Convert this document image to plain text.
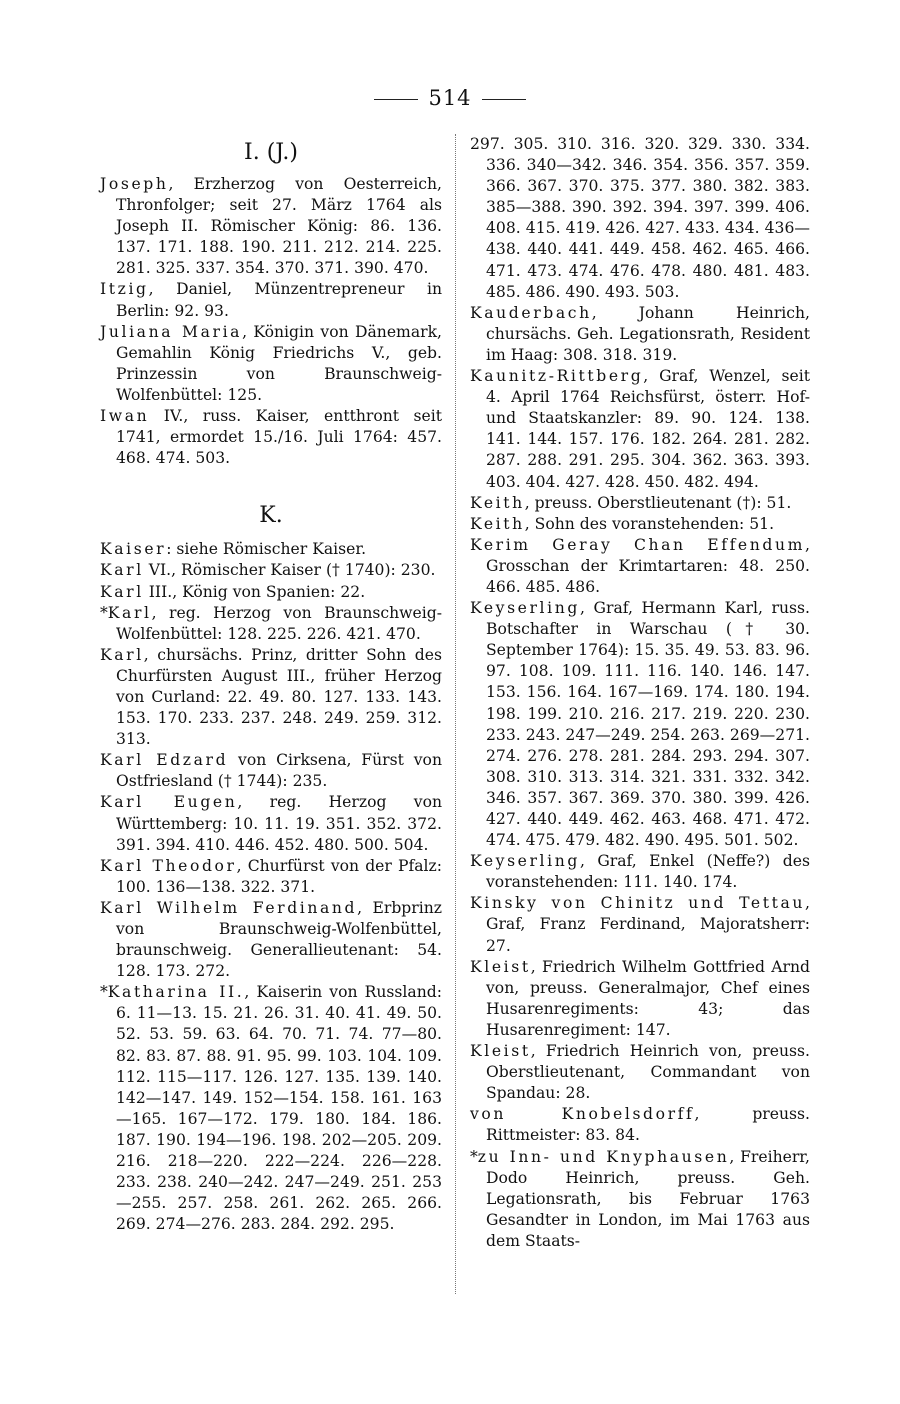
514
I. (J.)

Joseph, Erzherzog von Oesterreich, Thronfolger; seit 27. März 1764 als Joseph II. Römischer König: 86. 136. 137. 171. 188. 190. 211. 212. 214. 225. 281. 325. 337. 354. 370. 371. 390. 470.

Itzig, Daniel, Münzentrepreneur in Berlin: 92. 93.

Juliana Maria, Königin von Dänemark, Gemahlin König Friedrichs V., geb. Prinzessin von Braunschweig-Wolfenbüttel: 125.

Iwan IV., russ. Kaiser, entthront seit 1741, ermordet 15./16. Juli 1764: 457. 468. 474. 503.

K.

Kaiser: siehe Römischer Kaiser.

Karl VI., Römischer Kaiser († 1740): 230.

Karl III., König von Spanien: 22.

*Karl, reg. Herzog von Braunschweig-Wolfenbüttel: 128. 225. 226. 421. 470.

Karl, chursächs. Prinz, dritter Sohn des Churfürsten August III., früher Herzog von Curland: 22. 49. 80. 127. 133. 143. 153. 170. 233. 237. 248. 249. 259. 312. 313.

Karl Edzard von Cirksena, Fürst von Ostfriesland († 1744): 235.

Karl Eugen, reg. Herzog von Württemberg: 10. 11. 19. 351. 352. 372. 391. 394. 410. 446. 452. 480. 500. 504.

Karl Theodor, Churfürst von der Pfalz: 100. 136—138. 322. 371.

Karl Wilhelm Ferdinand, Erbprinz von Braunschweig-Wolfenbüttel, braunschweig. Generallieutenant: 54. 128. 173. 272.

*Katharina II., Kaiserin von Russland: 6. 11—13. 15. 21. 26. 31. 40. 41. 49. 50. 52. 53. 59. 63. 64. 70. 71. 74. 77—80. 82. 83. 87. 88. 91. 95. 99. 103. 104. 109. 112. 115—117. 126. 127. 135. 139. 140. 142—147. 149. 152—154. 158. 161. 163—165. 167—172. 179. 180. 184. 186. 187. 190. 194—196. 198. 202—205. 209. 216. 218—220. 222—224. 226—228. 233. 238. 240—242. 247—249. 251. 253—255. 257. 258. 261. 262. 265. 266. 269. 274—276. 283. 284. 292. 295.

297. 305. 310. 316. 320. 329. 330. 334. 336. 340—342. 346. 354. 356. 357. 359. 366. 367. 370. 375. 377. 380. 382. 383. 385—388. 390. 392. 394. 397. 399. 406. 408. 415. 419. 426. 427. 433. 434. 436—438. 440. 441. 449. 458. 462. 465. 466. 471. 473. 474. 476. 478. 480. 481. 483. 485. 486. 490. 493. 503.

Kauderbach, Johann Heinrich, chursächs. Geh. Legationsrath, Resident im Haag: 308. 318. 319.

Kaunitz-Rittberg, Graf, Wenzel, seit 4. April 1764 Reichsfürst, österr. Hof- und Staatskanzler: 89. 90. 124. 138. 141. 144. 157. 176. 182. 264. 281. 282. 287. 288. 291. 295. 304. 362. 363. 393. 403. 404. 427. 428. 450. 482. 494.

Keith, preuss. Oberstlieutenant (†): 51.

Keith, Sohn des voranstehenden: 51.

Kerim Geray Chan Effendum, Grosschan der Krimtartaren: 48. 250. 466. 485. 486.

Keyserling, Graf, Hermann Karl, russ. Botschafter in Warschau († 30. September 1764): 15. 35. 49. 53. 83. 96. 97. 108. 109. 111. 116. 140. 146. 147. 153. 156. 164. 167—169. 174. 180. 194. 198. 199. 210. 216. 217. 219. 220. 230. 233. 243. 247—249. 254. 263. 269—271. 274. 276. 278. 281. 284. 293. 294. 307. 308. 310. 313. 314. 321. 331. 332. 342. 346. 357. 367. 369. 370. 380. 399. 426. 427. 440. 449. 462. 463. 468. 471. 472. 474. 475. 479. 482. 490. 495. 501. 502.

Keyserling, Graf, Enkel (Neffe?) des voranstehenden: 111. 140. 174.

Kinsky von Chinitz und Tettau, Graf, Franz Ferdinand, Majoratsherr: 27.

Kleist, Friedrich Wilhelm Gottfried Arnd von, preuss. Generalmajor, Chef eines Husarenregiments: 43; das Husarenregiment: 147.

Kleist, Friedrich Heinrich von, preuss. Oberstlieutenant, Commandant von Spandau: 28.

von Knobelsdorff, preuss. Rittmeister: 83. 84.

*zu Inn- und Knyphausen, Freiherr, Dodo Heinrich, preuss. Geh. Legationsrath, bis Februar 1763 Gesandter in London, im Mai 1763 aus dem Staats-
